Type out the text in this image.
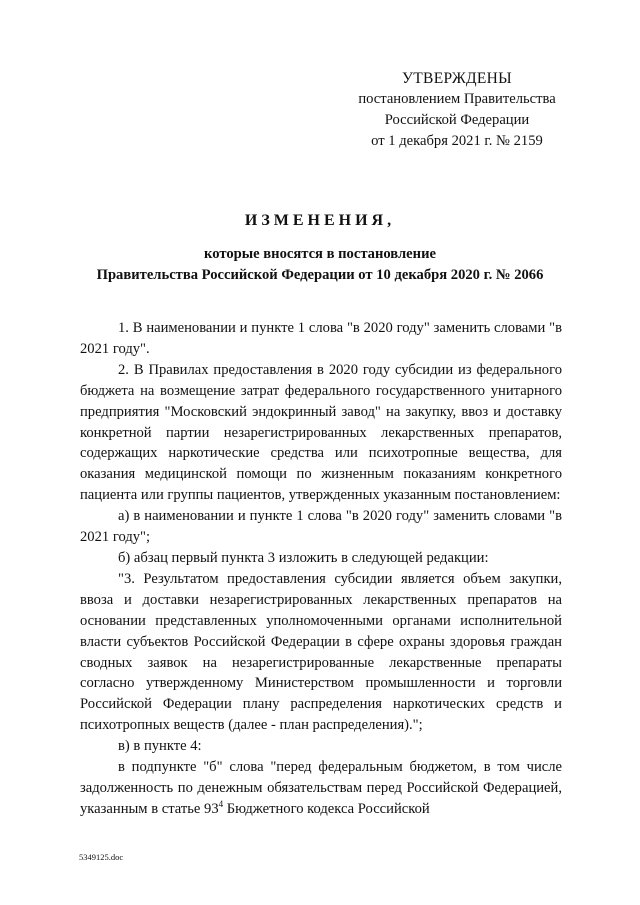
УТВЕРЖДЕНЫ
постановлением Правительства
Российской Федерации
от 1 декабря 2021 г. № 2159
ИЗМЕНЕНИЯ,
которые вносятся в постановление
Правительства Российской Федерации от 10 декабря 2020 г. № 2066

1. В наименовании и пункте 1 слова "в 2020 году" заменить словами "в 2021 году".

2. В Правилах предоставления в 2020 году субсидии из федерального бюджета на возмещение затрат федерального государственного унитарного предприятия "Московский эндокринный завод" на закупку, ввоз и доставку конкретной партии незарегистрированных лекарственных препаратов, содержащих наркотические средства или психотропные вещества, для оказания медицинской помощи по жизненным показаниям конкретного пациента или группы пациентов, утвержденных указанным постановлением:

а) в наименовании и пункте 1 слова "в 2020 году" заменить словами "в 2021 году";

б) абзац первый пункта 3 изложить в следующей редакции:

"3. Результатом предоставления субсидии является объем закупки, ввоза и доставки незарегистрированных лекарственных препаратов на основании представленных уполномоченными органами исполнительной власти субъектов Российской Федерации в сфере охраны здоровья граждан сводных заявок на незарегистрированные лекарственные препараты согласно утвержденному Министерством промышленности и торговли Российской Федерации плану распределения наркотических средств и психотропных веществ (далее - план распределения).";

в) в пункте 4:

в подпункте "б" слова "перед федеральным бюджетом, в том числе задолженность по денежным обязательствам перед Российской Федерацией, указанным в статье $93^4$ Бюджетного кодекса Российской

5349125.doc
